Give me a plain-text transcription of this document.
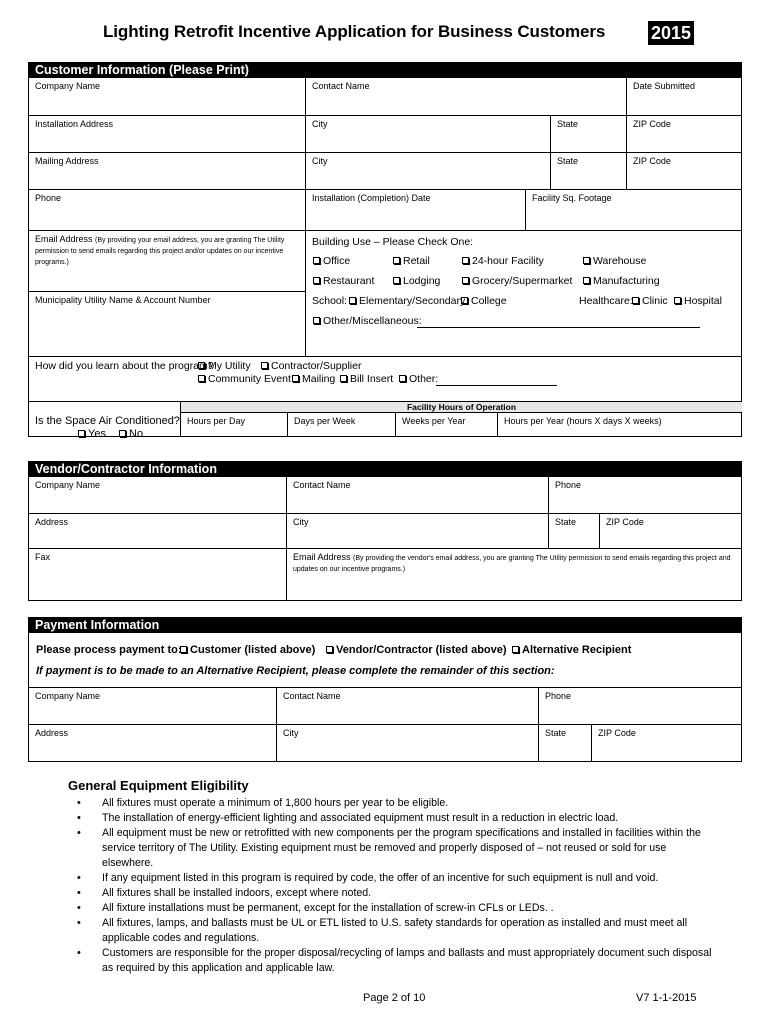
Lighting Retrofit Incentive Application for Business Customers	2015
Customer Information (Please Print)
Company Name	Contact Name	Date Submitted
Installation Address	City	State	ZIP Code
Mailing Address	City	State	ZIP Code
Phone	Installation (Completion) Date	Facility Sq. Footage
Email Address (By providing your email address, you are granting The Utility permission to send emails regarding this project and/or updates on our incentive programs.)
Municipality Utility Name & Account Number
Building Use – Please Check One:
Office	Retail	24-hour Facility	Warehouse
Restaurant	Lodging	Grocery/Supermarket	Manufacturing
School:	Elementary/Secondary College	Healthcare: Clinic	Hospital
Other/Miscellaneous:
How did you learn about the program?
My Utility	Contractor/Supplier
Community Event	Mailing	Bill Insert	Other:
Facility Hours of Operation
Is the Space Air Conditioned?
Yes	No
Hours per Day	Days per Week	Weeks per Year	Hours per Year (hours X days X weeks)
Vendor/Contractor Information
Company Name	Contact Name	Phone
Address	City	State	ZIP Code
Fax	Email Address (By providing the vendor's email address, you are granting The Utility permission to send emails regarding this project and updates on our incentive programs.)
Payment Information
Please process payment to: Customer (listed above)	Vendor/Contractor (listed above)	Alternative Recipient
If payment is to be made to an Alternative Recipient, please complete the remainder of this section:
Company Name	Contact Name	Phone
Address	City	State	ZIP Code
General Equipment Eligibility
• All fixtures must operate a minimum of 1,800 hours per year to be eligible.
• The installation of energy-efficient lighting and associated equipment must result in a reduction in electric load.
• All equipment must be new or retrofitted with new components per the program specifications and installed in facilities within the service territory of The Utility. Existing equipment must be removed and properly disposed of – not reused or sold for use elsewhere.
• If any equipment listed in this program is required by code, the offer of an incentive for such equipment is null and void.
• All fixtures shall be installed indoors, except where noted.
• All fixture installations must be permanent, except for the installation of screw-in CFLs or LEDs. .
• All fixtures, lamps, and ballasts must be UL or ETL listed to U.S. safety standards for operation as installed and must meet all applicable codes and regulations.
• Customers are responsible for the proper disposal/recycling of lamps and ballasts and must appropriately document such disposal as required by this application and applicable law.
Page 2 of 10	V7 1-1-2015
